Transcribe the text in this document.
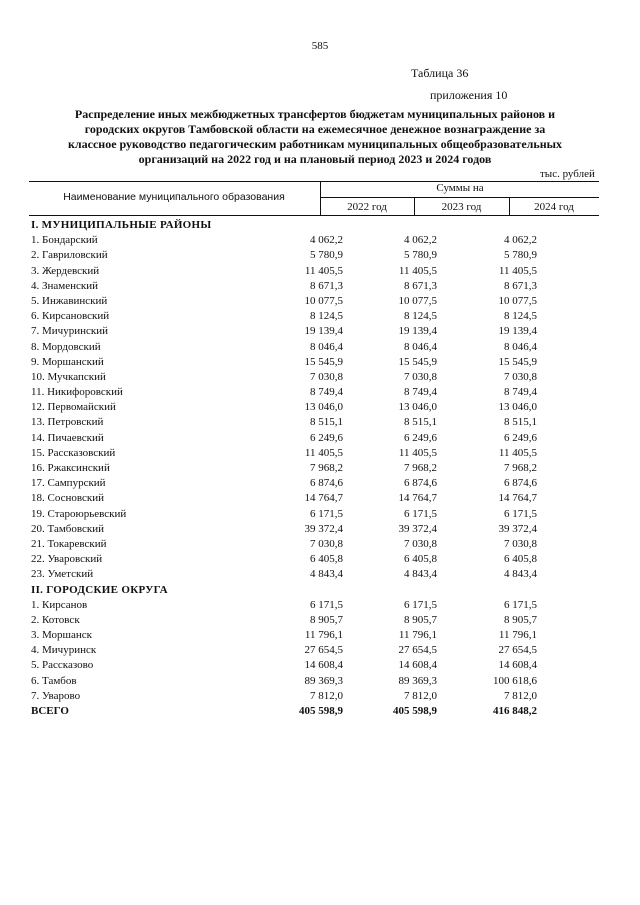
585
Таблица 36
приложения 10
Распределение иных межбюджетных трансфертов бюджетам муниципальных районов и
городских округов Тамбовской области на ежемесячное денежное вознаграждение за
классное руководство педагогическим работникам муниципальных общеобразовательных
организаций на 2022 год и на плановый период 2023 и 2024 годов
тыс. рублей
Наименование муниципального образования
Суммы на
2022 год	2023 год	2024 год
I. МУНИЦИПАЛЬНЫЕ РАЙОНЫ
1. Бондарский	4 062,2	4 062,2	4 062,2
2. Гавриловский	5 780,9	5 780,9	5 780,9
3. Жердевский	11 405,5	11 405,5	11 405,5
4. Знаменский	8 671,3	8 671,3	8 671,3
5. Инжавинский	10 077,5	10 077,5	10 077,5
6. Кирсановский	8 124,5	8 124,5	8 124,5
7. Мичуринский	19 139,4	19 139,4	19 139,4
8. Мордовский	8 046,4	8 046,4	8 046,4
9. Моршанский	15 545,9	15 545,9	15 545,9
10. Мучкапский	7 030,8	7 030,8	7 030,8
11. Никифоровский	8 749,4	8 749,4	8 749,4
12. Первомайский	13 046,0	13 046,0	13 046,0
13. Петровский	8 515,1	8 515,1	8 515,1
14. Пичаевский	6 249,6	6 249,6	6 249,6
15. Рассказовский	11 405,5	11 405,5	11 405,5
16. Ржаксинский	7 968,2	7 968,2	7 968,2
17. Сампурский	6 874,6	6 874,6	6 874,6
18. Сосновский	14 764,7	14 764,7	14 764,7
19. Староюрьевский	6 171,5	6 171,5	6 171,5
20. Тамбовский	39 372,4	39 372,4	39 372,4
21. Токаревский	7 030,8	7 030,8	7 030,8
22. Уваровский	6 405,8	6 405,8	6 405,8
23. Уметский	4 843,4	4 843,4	4 843,4
II. ГОРОДСКИЕ ОКРУГА
1. Кирсанов	6 171,5	6 171,5	6 171,5
2. Котовск	8 905,7	8 905,7	8 905,7
3. Моршанск	11 796,1	11 796,1	11 796,1
4. Мичуринск	27 654,5	27 654,5	27 654,5
5. Рассказово	14 608,4	14 608,4	14 608,4
6. Тамбов	89 369,3	89 369,3	100 618,6
7. Уварово	7 812,0	7 812,0	7 812,0
ВСЕГО	405 598,9	405 598,9	416 848,2
